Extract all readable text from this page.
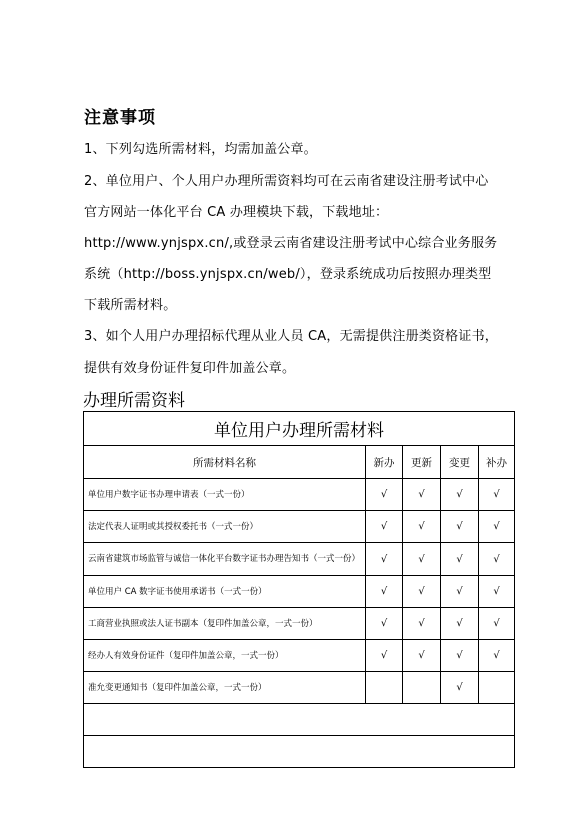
注意事项
1、下列勾选所需材料，均需加盖公章。
2、单位用户、个人用户办理所需资料均可在云南省建设注册考试中心
官方网站一体化平台 CA 办理模块下载，下载地址：
http://www.ynjspx.cn/,或登录云南省建设注册考试中心综合业务服务
系统（http://boss.ynjspx.cn/web/），登录系统成功后按照办理类型
下载所需材料。
3、如个人用户办理招标代理从业人员 CA，无需提供注册类资格证书，
提供有效身份证件复印件加盖公章。
办理所需资料
单位用户办理所需材料				
所需材料名称	新办	更新	变更	补办
单位用户数字证书办理申请表（一式一份）	√	√	√	√
法定代表人证明或其授权委托书（一式一份）	√	√	√	√
云南省建筑市场监管与诚信一体化平台数字证书办理告知书（一式一份）	√	√	√	√
单位用户 CA 数字证书使用承诺书（一式一份）	√	√	√	√
工商营业执照或法人证书副本（复印件加盖公章，一式一份）	√	√	√	√
经办人有效身份证件（复印件加盖公章，一式一份）	√	√	√	√
准允变更通知书（复印件加盖公章，一式一份）			√	
